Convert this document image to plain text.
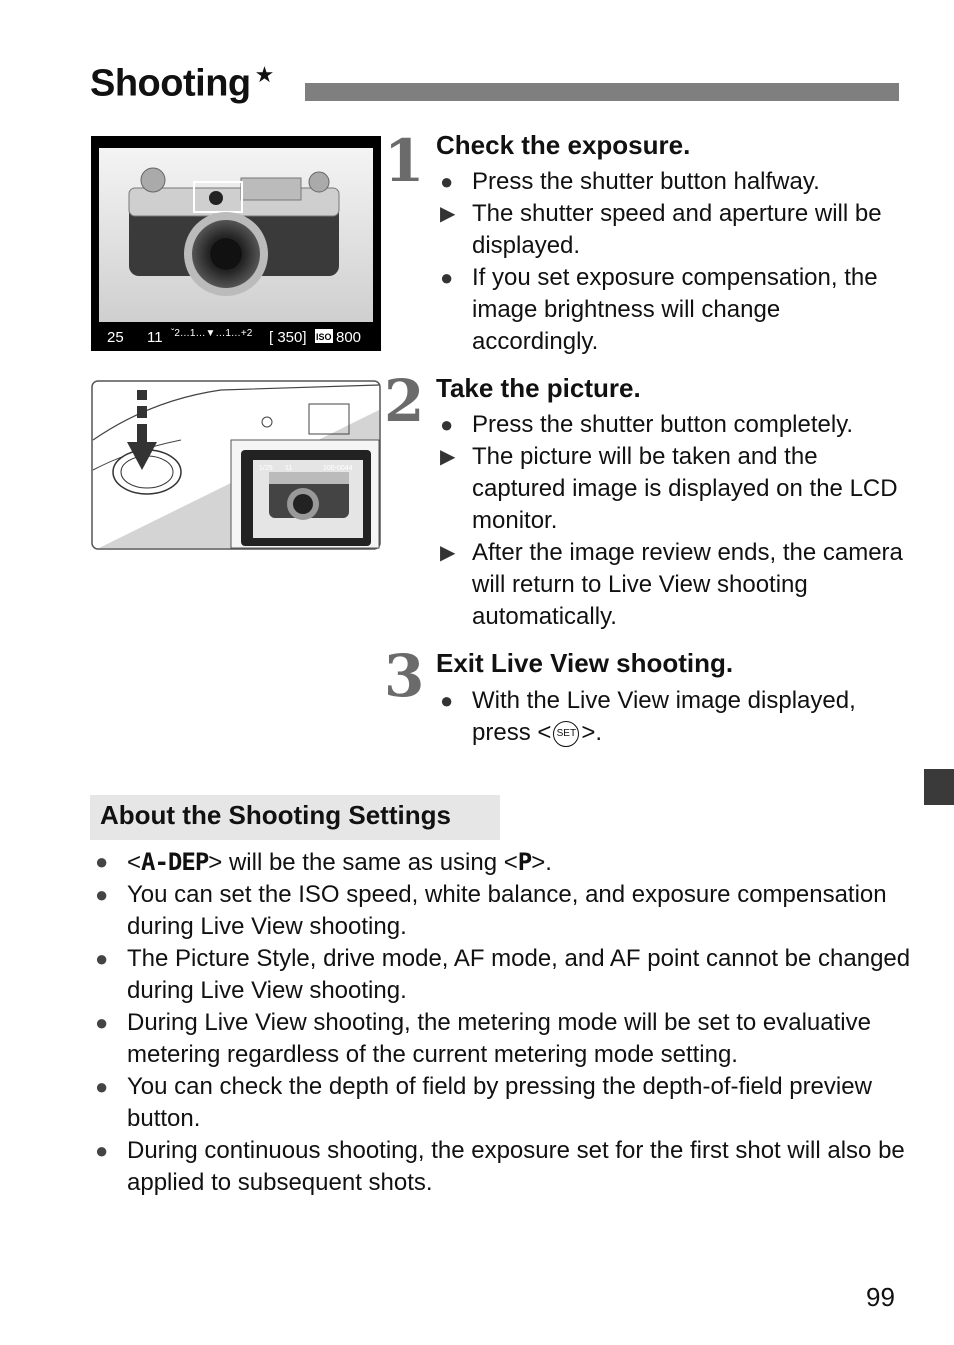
Shooting ★
25 11 ˇ2…1…▼…1…+2 [ 350] ISO 800
1/25 11	100-0044
1 Check the exposure.
● Press the shutter button halfway.
▶ The shutter speed and aperture will be displayed.
● If you set exposure compensation, the image brightness will change accordingly.
2 Take the picture.
● Press the shutter button completely.
▶ The picture will be taken and the captured image is displayed on the LCD monitor.
▶ After the image review ends, the camera will return to Live View shooting automatically.
3 Exit Live View shooting.
● With the Live View image displayed, press < SET >.
About the Shooting Settings
● <A-DEP> will be the same as using <P>.
● You can set the ISO speed, white balance, and exposure compensation during Live View shooting.
● The Picture Style, drive mode, AF mode, and AF point cannot be changed during Live View shooting.
● During Live View shooting, the metering mode will be set to evaluative metering regardless of the current metering mode setting.
● You can check the depth of field by pressing the depth-of-field preview button.
● During continuous shooting, the exposure set for the first shot will also be applied to subsequent shots.
99
